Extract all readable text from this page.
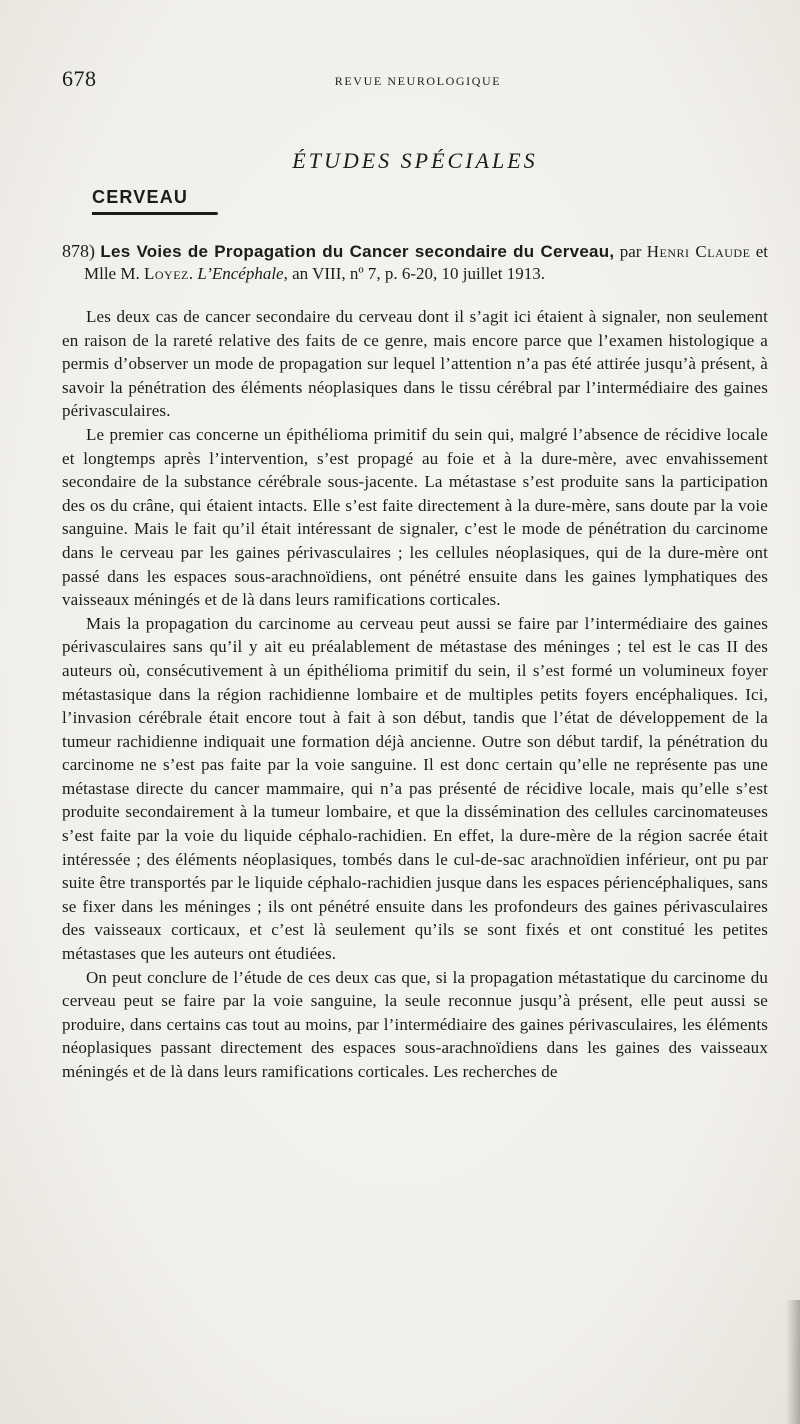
678	REVUE NEUROLOGIQUE
ÉTUDES SPÉCIALES
CERVEAU

878) Les Voies de Propagation du Cancer secondaire du Cerveau, par Henri Claude et Mlle M. Loyez. L’Encéphale, an VIII, nº 7, p. 6-20, 10 juillet 1913.

Les deux cas de cancer secondaire du cerveau dont il s’agit ici étaient à signaler, non seulement en raison de la rareté relative des faits de ce genre, mais encore parce que l’examen histologique a permis d’observer un mode de propagation sur lequel l’attention n’a pas été attirée jusqu’à présent, à savoir la pénétration des éléments néoplasiques dans le tissu cérébral par l’intermédiaire des gaines périvasculaires.

Le premier cas concerne un épithélioma primitif du sein qui, malgré l’absence de récidive locale et longtemps après l’intervention, s’est propagé au foie et à la dure-mère, avec envahissement secondaire de la substance cérébrale sous-jacente. La métastase s’est produite sans la participation des os du crâne, qui étaient intacts. Elle s’est faite directement à la dure-mère, sans doute par la voie sanguine. Mais le fait qu’il était intéressant de signaler, c’est le mode de pénétration du carcinome dans le cerveau par les gaines périvasculaires ; les cellules néoplasiques, qui de la dure-mère ont passé dans les espaces sous-arachnoïdiens, ont pénétré ensuite dans les gaines lymphatiques des vaisseaux méningés et de là dans leurs ramifications corticales.

Mais la propagation du carcinome au cerveau peut aussi se faire par l’intermédiaire des gaines périvasculaires sans qu’il y ait eu préalablement de métastase des méninges ; tel est le cas II des auteurs où, consécutivement à un épithélioma primitif du sein, il s’est formé un volumineux foyer métastasique dans la région rachidienne lombaire et de multiples petits foyers encéphaliques. Ici, l’invasion cérébrale était encore tout à fait à son début, tandis que l’état de développement de la tumeur rachidienne indiquait une formation déjà ancienne. Outre son début tardif, la pénétration du carcinome ne s’est pas faite par la voie sanguine. Il est donc certain qu’elle ne représente pas une métastase directe du cancer mammaire, qui n’a pas présenté de récidive locale, mais qu’elle s’est produite secondairement à la tumeur lombaire, et que la dissémination des cellules carcinomateuses s’est faite par la voie du liquide céphalo-rachidien. En effet, la dure-mère de la région sacrée était intéressée ; des éléments néoplasiques, tombés dans le cul-de-sac arachnoïdien inférieur, ont pu par suite être transportés par le liquide céphalo-rachidien jusque dans les espaces périencéphaliques, sans se fixer dans les méninges ; ils ont pénétré ensuite dans les profondeurs des gaines périvasculaires des vaisseaux corticaux, et c’est là seulement qu’ils se sont fixés et ont constitué les petites métastases que les auteurs ont étudiées.

On peut conclure de l’étude de ces deux cas que, si la propagation métastatique du carcinome du cerveau peut se faire par la voie sanguine, la seule reconnue jusqu’à présent, elle peut aussi se produire, dans certains cas tout au moins, par l’intermédiaire des gaines périvasculaires, les éléments néoplasiques passant directement des espaces sous-arachnoïdiens dans les gaines des vaisseaux méningés et de là dans leurs ramifications corticales. Les recherches de
